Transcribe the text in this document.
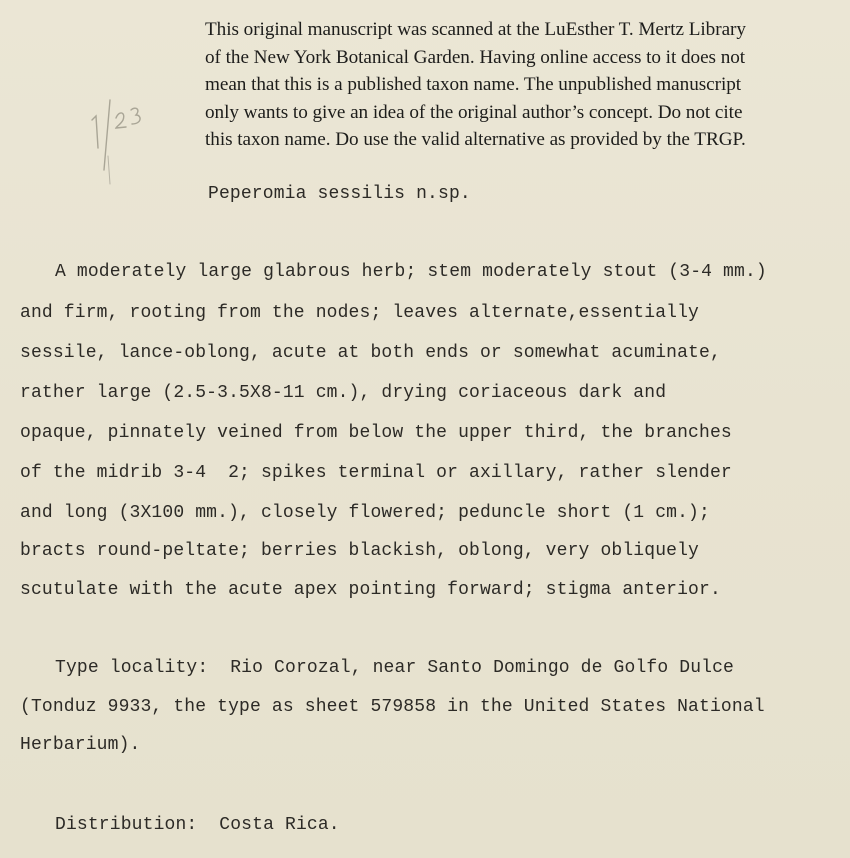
This original manuscript was scanned at the LuEsther T. Mertz Library
of the New York Botanical Garden. Having online access to it does not
mean that this is a published taxon name. The unpublished manuscript
only wants to give an idea of the original author’s concept. Do not cite
this taxon name. Do use the valid alternative as provided by the TRGP.
Peperomia sessilis n.sp.
A moderately large glabrous herb; stem moderately stout (3-4 mm.)
and firm, rooting from the nodes; leaves alternate,essentially
sessile, lance-oblong, acute at both ends or somewhat acuminate,
rather large (2.5-3.5X8-11 cm.), drying coriaceous dark and
opaque, pinnately veined from below the upper third, the branches
of the midrib 3-4  2; spikes terminal or axillary, rather slender
and long (3X100 mm.), closely flowered; peduncle short (1 cm.);
bracts round-peltate; berries blackish, oblong, very obliquely
scutulate with the acute apex pointing forward; stigma anterior.
Type locality:  Rio Corozal, near Santo Domingo de Golfo Dulce
(Tonduz 9933, the type as sheet 579858 in the United States National
Herbarium).
Distribution:  Costa Rica.
